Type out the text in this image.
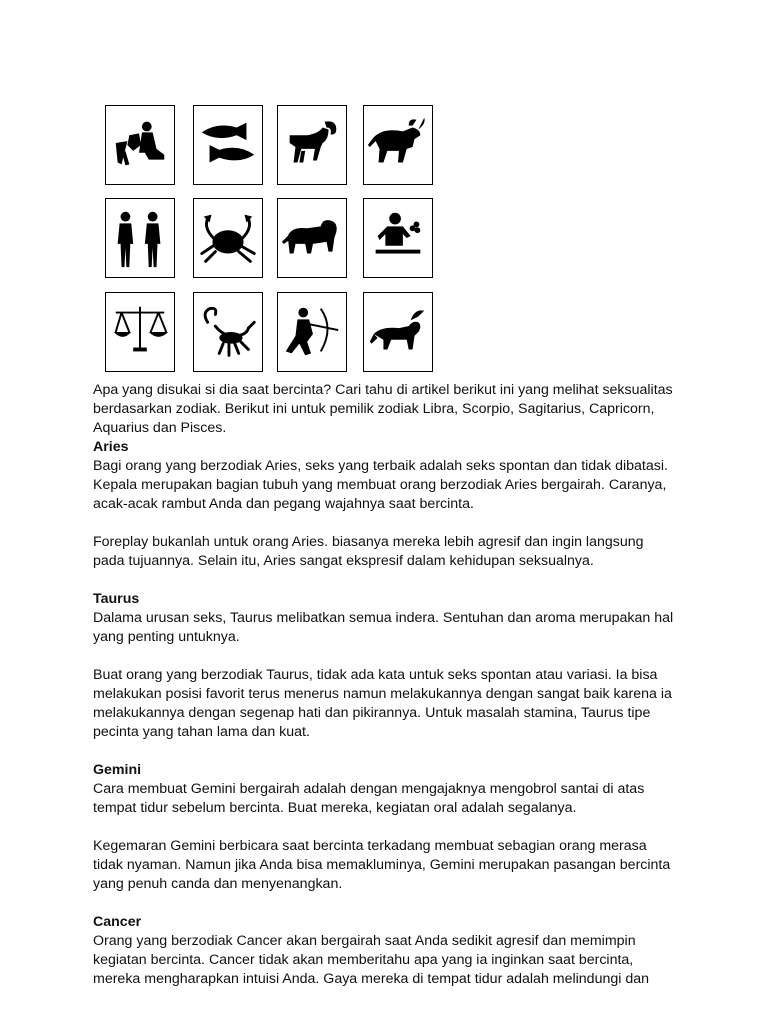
Apa yang disukai si dia saat bercinta? Cari tahu di artikel berikut ini yang melihat seksualitas

berdasarkan zodiak. Berikut ini untuk pemilik zodiak Libra, Scorpio, Sagitarius, Capricorn,

Aquarius dan Pisces.

Aries

Bagi orang yang berzodiak Aries, seks yang terbaik adalah seks spontan dan tidak dibatasi.

Kepala merupakan bagian tubuh yang membuat orang berzodiak Aries bergairah. Caranya,

acak-acak rambut Anda dan pegang wajahnya saat bercinta.

Foreplay bukanlah untuk orang Aries. biasanya mereka lebih agresif dan ingin langsung

pada tujuannya. Selain itu, Aries sangat ekspresif dalam kehidupan seksualnya.

Taurus

Dalama urusan seks, Taurus melibatkan semua indera. Sentuhan dan aroma merupakan hal

yang penting untuknya.

Buat orang yang berzodiak Taurus, tidak ada kata untuk seks spontan atau variasi. Ia bisa

melakukan posisi favorit terus menerus namun melakukannya dengan sangat baik karena ia

melakukannya dengan segenap hati dan pikirannya. Untuk masalah stamina, Taurus tipe

pecinta yang tahan lama dan kuat.

Gemini

Cara membuat Gemini bergairah adalah dengan mengajaknya mengobrol santai di atas

tempat tidur sebelum bercinta. Buat mereka, kegiatan oral adalah segalanya.

Kegemaran Gemini berbicara saat bercinta terkadang membuat sebagian orang merasa

tidak nyaman. Namun jika Anda bisa memakluminya, Gemini merupakan pasangan bercinta

yang penuh canda dan menyenangkan.

Cancer

Orang yang berzodiak Cancer akan bergairah saat Anda sedikit agresif dan memimpin

kegiatan bercinta. Cancer tidak akan memberitahu apa yang ia inginkan saat bercinta,

mereka mengharapkan intuisi Anda. Gaya mereka di tempat tidur adalah melindungi dan
